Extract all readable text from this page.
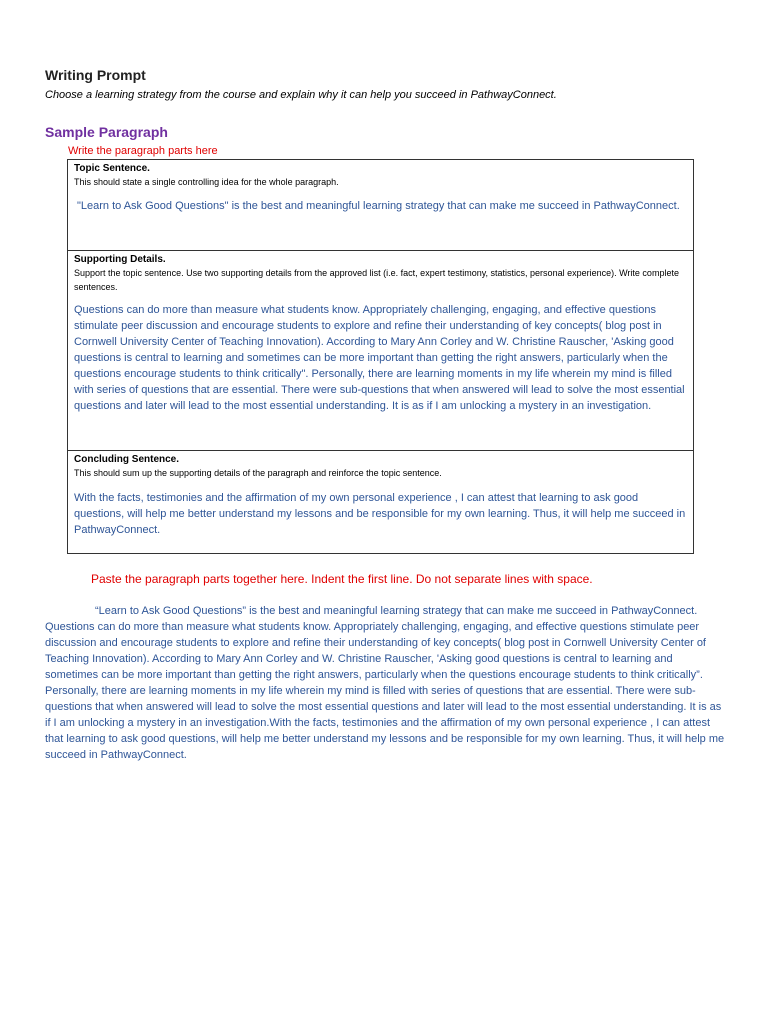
Writing Prompt
Choose a learning strategy from the course and explain why it can help you succeed in PathwayConnect.
Sample Paragraph
Write the paragraph parts here
Topic Sentence.
This should state a single controlling idea for the whole paragraph.
"Learn to Ask Good Questions" is the best and meaningful learning strategy that can make me succeed in PathwayConnect.
Supporting Details.
Support the topic sentence. Use two supporting details from the approved list (i.e. fact, expert testimony, statistics, personal experience). Write complete sentences.
Questions can do more than measure what students know. Appropriately challenging, engaging, and effective questions stimulate peer discussion and encourage students to explore and refine their understanding of key concepts( blog post in Cornwell University Center of Teaching Innovation). According to Mary Ann Corley and W. Christine Rauscher, 'Asking good questions is central to learning and sometimes can be more important than getting the right answers, particularly when the questions encourage students to think critically". Personally, there are learning moments in my life wherein my mind is filled with series of questions that are essential. There were sub-questions that when answered will lead to solve the most essential questions and later will lead to the most essential understanding. It is as if I am unlocking a mystery in an investigation.
Concluding Sentence.
This should sum up the supporting details of the paragraph and reinforce the topic sentence.
With the facts, testimonies and the affirmation of my own personal experience , I can attest that learning to ask good questions, will help me better understand my lessons and be responsible for my own learning. Thus, it will help me succeed in PathwayConnect.
Paste the paragraph parts together here. Indent the first line. Do not separate lines with space.
“Learn to Ask Good Questions” is the best and meaningful learning strategy that can make me succeed in PathwayConnect. Questions can do more than measure what students know. Appropriately challenging, engaging, and effective questions stimulate peer discussion and encourage students to explore and refine their understanding of key concepts( blog post in Cornwell University Center of Teaching Innovation). According to Mary Ann Corley and W. Christine Rauscher, 'Asking good questions is central to learning and sometimes can be more important than getting the right answers, particularly when the questions encourage students to think critically”. Personally, there are learning moments in my life wherein my mind is filled with series of questions that are essential. There were sub-questions that when answered will lead to solve the most essential questions and later will lead to the most essential understanding. It is as if I am unlocking a mystery in an investigation.With the facts, testimonies and the affirmation of my own personal experience , I can attest that learning to ask good questions, will help me better understand my lessons and be responsible for my own learning. Thus, it will help me succeed in PathwayConnect.
